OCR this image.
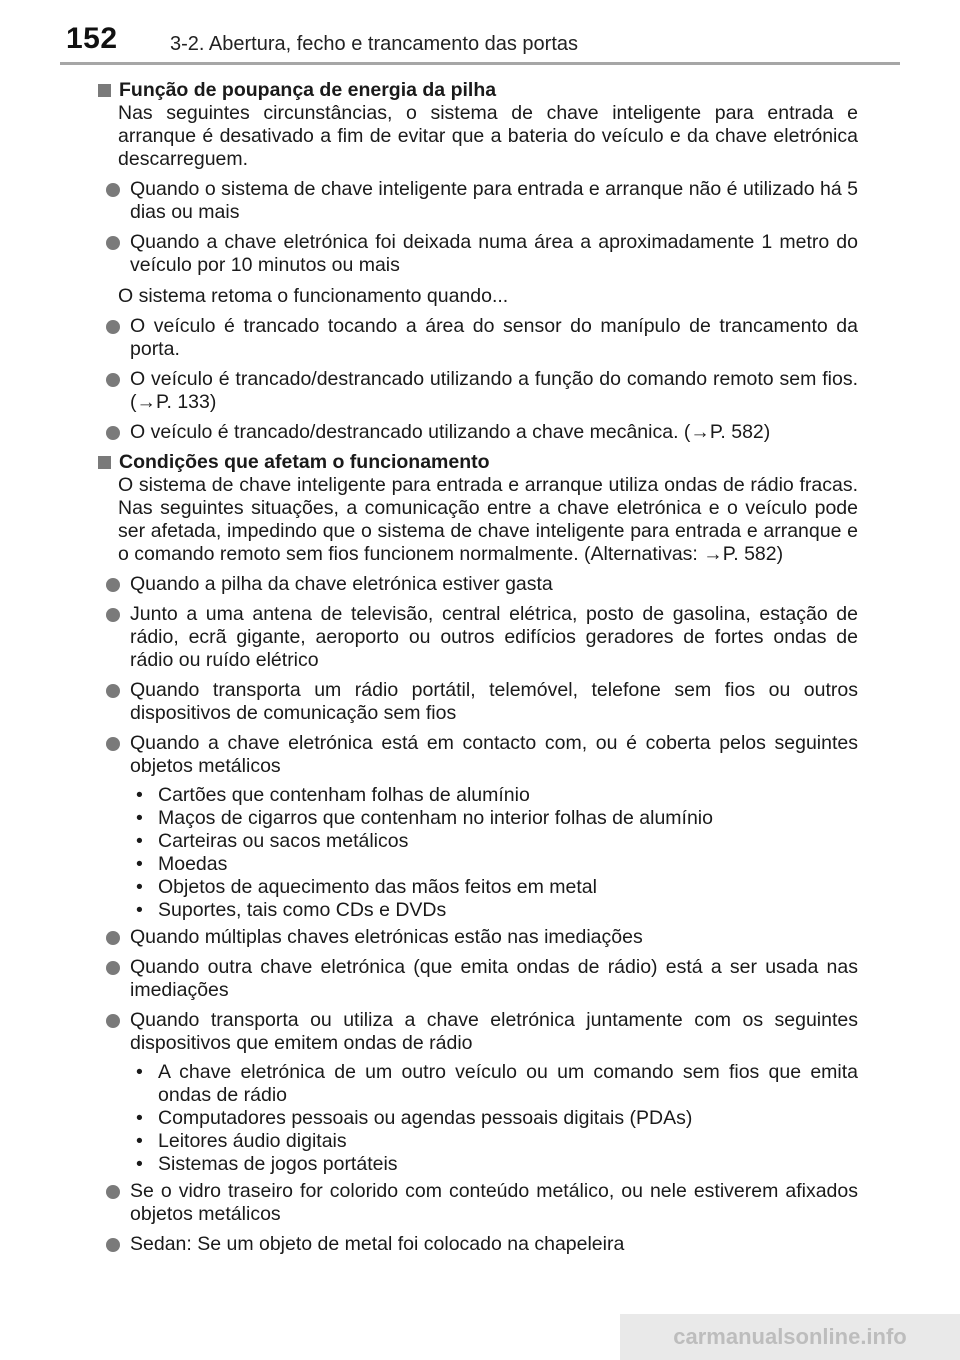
152	3-2. Abertura, fecho e trancamento das portas
Função de poupança de energia da pilha

Nas seguintes circunstâncias, o sistema de chave inteligente para entrada e arranque é desativado a fim de evitar que a bateria do veículo e da chave eletrónica descarreguem.

Quando o sistema de chave inteligente para entrada e arranque não é utilizado há 5 dias ou mais
Quando a chave eletrónica foi deixada numa área a aproximadamente 1 metro do veículo por 10 minutos ou mais

O sistema retoma o funcionamento quando...

O veículo é trancado tocando a área do sensor do manípulo de trancamento da porta.
O veículo é trancado/destrancado utilizando a função do comando remoto sem fios. (→P. 133)
O veículo é trancado/destrancado utilizando a chave mecânica. (→P. 582)
Condições que afetam o funcionamento

O sistema de chave inteligente para entrada e arranque utiliza ondas de rádio fracas. Nas seguintes situações, a comunicação entre a chave eletrónica e o veículo pode ser afetada, impedindo que o sistema de chave inteligente para entrada e arranque e o comando remoto sem fios funcionem normalmente. (Alternativas: →P. 582)

Quando a pilha da chave eletrónica estiver gasta
Junto a uma antena de televisão, central elétrica, posto de gasolina, estação de rádio, ecrã gigante, aeroporto ou outros edifícios geradores de fortes ondas de rádio ou ruído elétrico
Quando transporta um rádio portátil, telemóvel, telefone sem fios ou outros dispositivos de comunicação sem fios
Quando a chave eletrónica está em contacto com, ou é coberta pelos seguintes objetos metálicos
• Cartões que contenham folhas de alumínio
• Maços de cigarros que contenham no interior folhas de alumínio
• Carteiras ou sacos metálicos
• Moedas
• Objetos de aquecimento das mãos feitos em metal
• Suportes, tais como CDs e DVDs
Quando múltiplas chaves eletrónicas estão nas imediações
Quando outra chave eletrónica (que emita ondas de rádio) está a ser usada nas imediações
Quando transporta ou utiliza a chave eletrónica juntamente com os seguintes dispositivos que emitem ondas de rádio
• A chave eletrónica de um outro veículo ou um comando sem fios que emita ondas de rádio
• Computadores pessoais ou agendas pessoais digitais (PDAs)
• Leitores áudio digitais
• Sistemas de jogos portáteis
Se o vidro traseiro for colorido com conteúdo metálico, ou nele estiverem afixados objetos metálicos
Sedan: Se um objeto de metal foi colocado na chapeleira
carmanualsonline.info
